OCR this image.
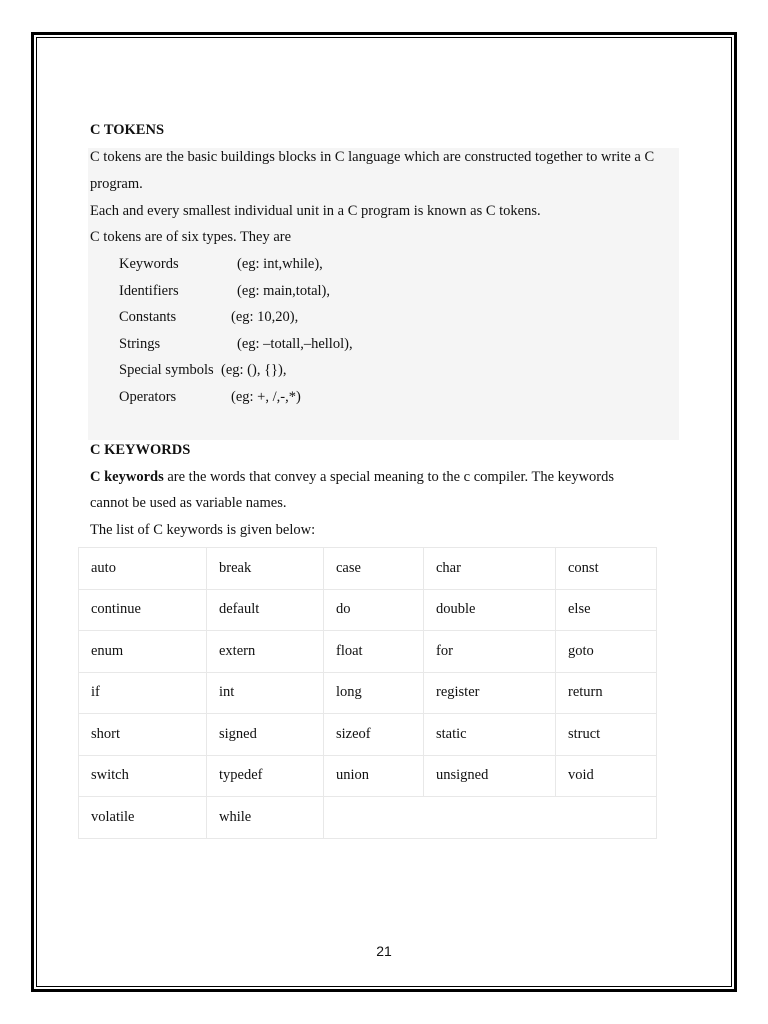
C TOKENS
C tokens are the basic buildings blocks in C language which are constructed together to write a C
program.
Each and every smallest individual unit in a C program is known as C tokens.
C tokens are of six types. They are
Keywords	(eg: int,while),
Identifiers	(eg: main,total),
Constants	(eg: 10,20),
Strings	(eg: –totall,–hellol),
Special symbols (eg: (), {}),
Operators	(eg: +, /,-,*)
C KEYWORDS
C keywords are the words that convey a special meaning to the c compiler. The keywords
cannot be used as variable names.
The list of C keywords is given below:
auto	break	case	char	const
continue	default	do	double	else
enum	extern	float	for	goto
if	int	long	register	return
short	signed	sizeof	static	struct
switch	typedef	union	unsigned	void
volatile	while			
21
